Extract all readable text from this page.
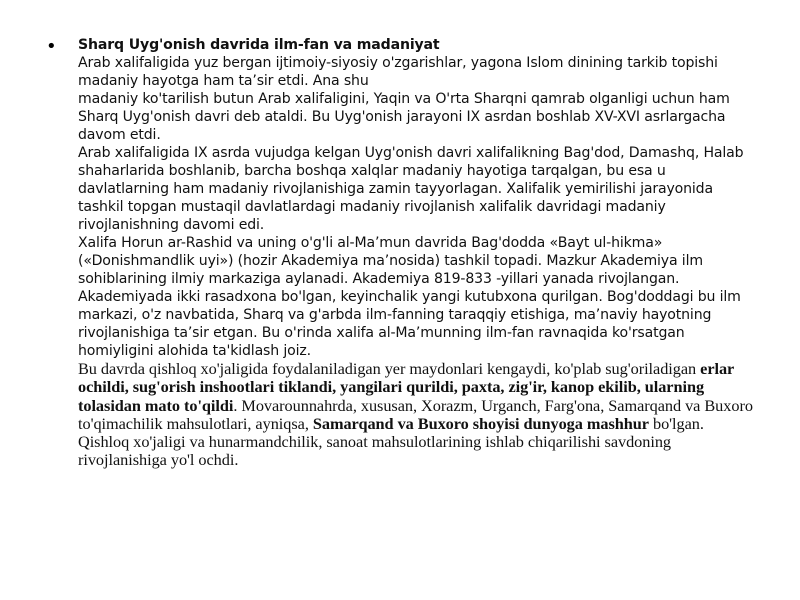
• Sharq Uyg'onish davrida ilm-fan va madaniyat

Arab xalifaligida yuz bergan ijtimoiy-siyosiy o'zgarishlar, yagona Islom dinining tarkib topishi madaniy hayotga ham ta’sir etdi. Ana shu

madaniy ko'tarilish butun Arab xalifaligini, Yaqin va O'rta Sharqni qamrab olganligi uchun ham Sharq Uyg'onish davri deb ataldi. Bu Uyg'onish jarayoni IX asrdan boshlab XV-XVI asrlargacha davom etdi.

Arab xalifaligida IX asrda vujudga kelgan Uyg'onish davri xalifalikning Bag'dod, Damashq, Halab shaharlarida boshlanib, barcha boshqa xalqlar madaniy hayotiga tarqalgan, bu esa u davlatlarning ham madaniy rivojlanishiga zamin tayyorlagan. Xalifalik yemirilishi jarayonida tashkil topgan mustaqil davlatlardagi madaniy rivojlanish xalifalik davridagi madaniy rivojlanishning davomi edi.

Xalifa Horun ar-Rashid va uning o'g'li al-Ma’mun davrida Bag'dodda «Bayt ul-hikma» («Donishmandlik uyi») (hozir Akademiya ma’nosida) tashkil topadi. Mazkur Akademiya ilm sohiblarining ilmiy markaziga aylanadi. Akademiya 819-833 -yillari yanada rivojlangan. Akademiyada ikki rasadxona bo'lgan, keyinchalik yangi kutubxona qurilgan. Bog'doddagi bu ilm markazi, o'z navbatida, Sharq va g'arbda ilm-fanning taraqqiy etishiga, ma’naviy hayotning rivojlanishiga ta’sir etgan. Bu o'rinda xalifa al-Ma’munning ilm-fan ravnaqida ko'rsatgan homiyligini alohida ta'kidlash joiz.

Bu davrda qishloq xo'jaligida foydalaniladigan yer maydonlari kengaydi, ko'plab sug'oriladigan erlar ochildi, sug'orish inshootlari tiklandi, yangilari qurildi, paxta, zig'ir, kanop ekilib, ularning tolasidan mato to'qildi. Movarounnahrda, xususan, Xorazm, Urganch, Farg'ona, Samarqand va Buxoro to'qimachilik mahsulotlari, ayniqsa, Samarqand va Buxoro shoyisi dunyoga mashhur bo'lgan. Qishloq xo'jaligi va hunarmandchilik, sanoat mahsulotlarining ishlab chiqarilishi savdoning rivojlanishiga yo'l ochdi.
